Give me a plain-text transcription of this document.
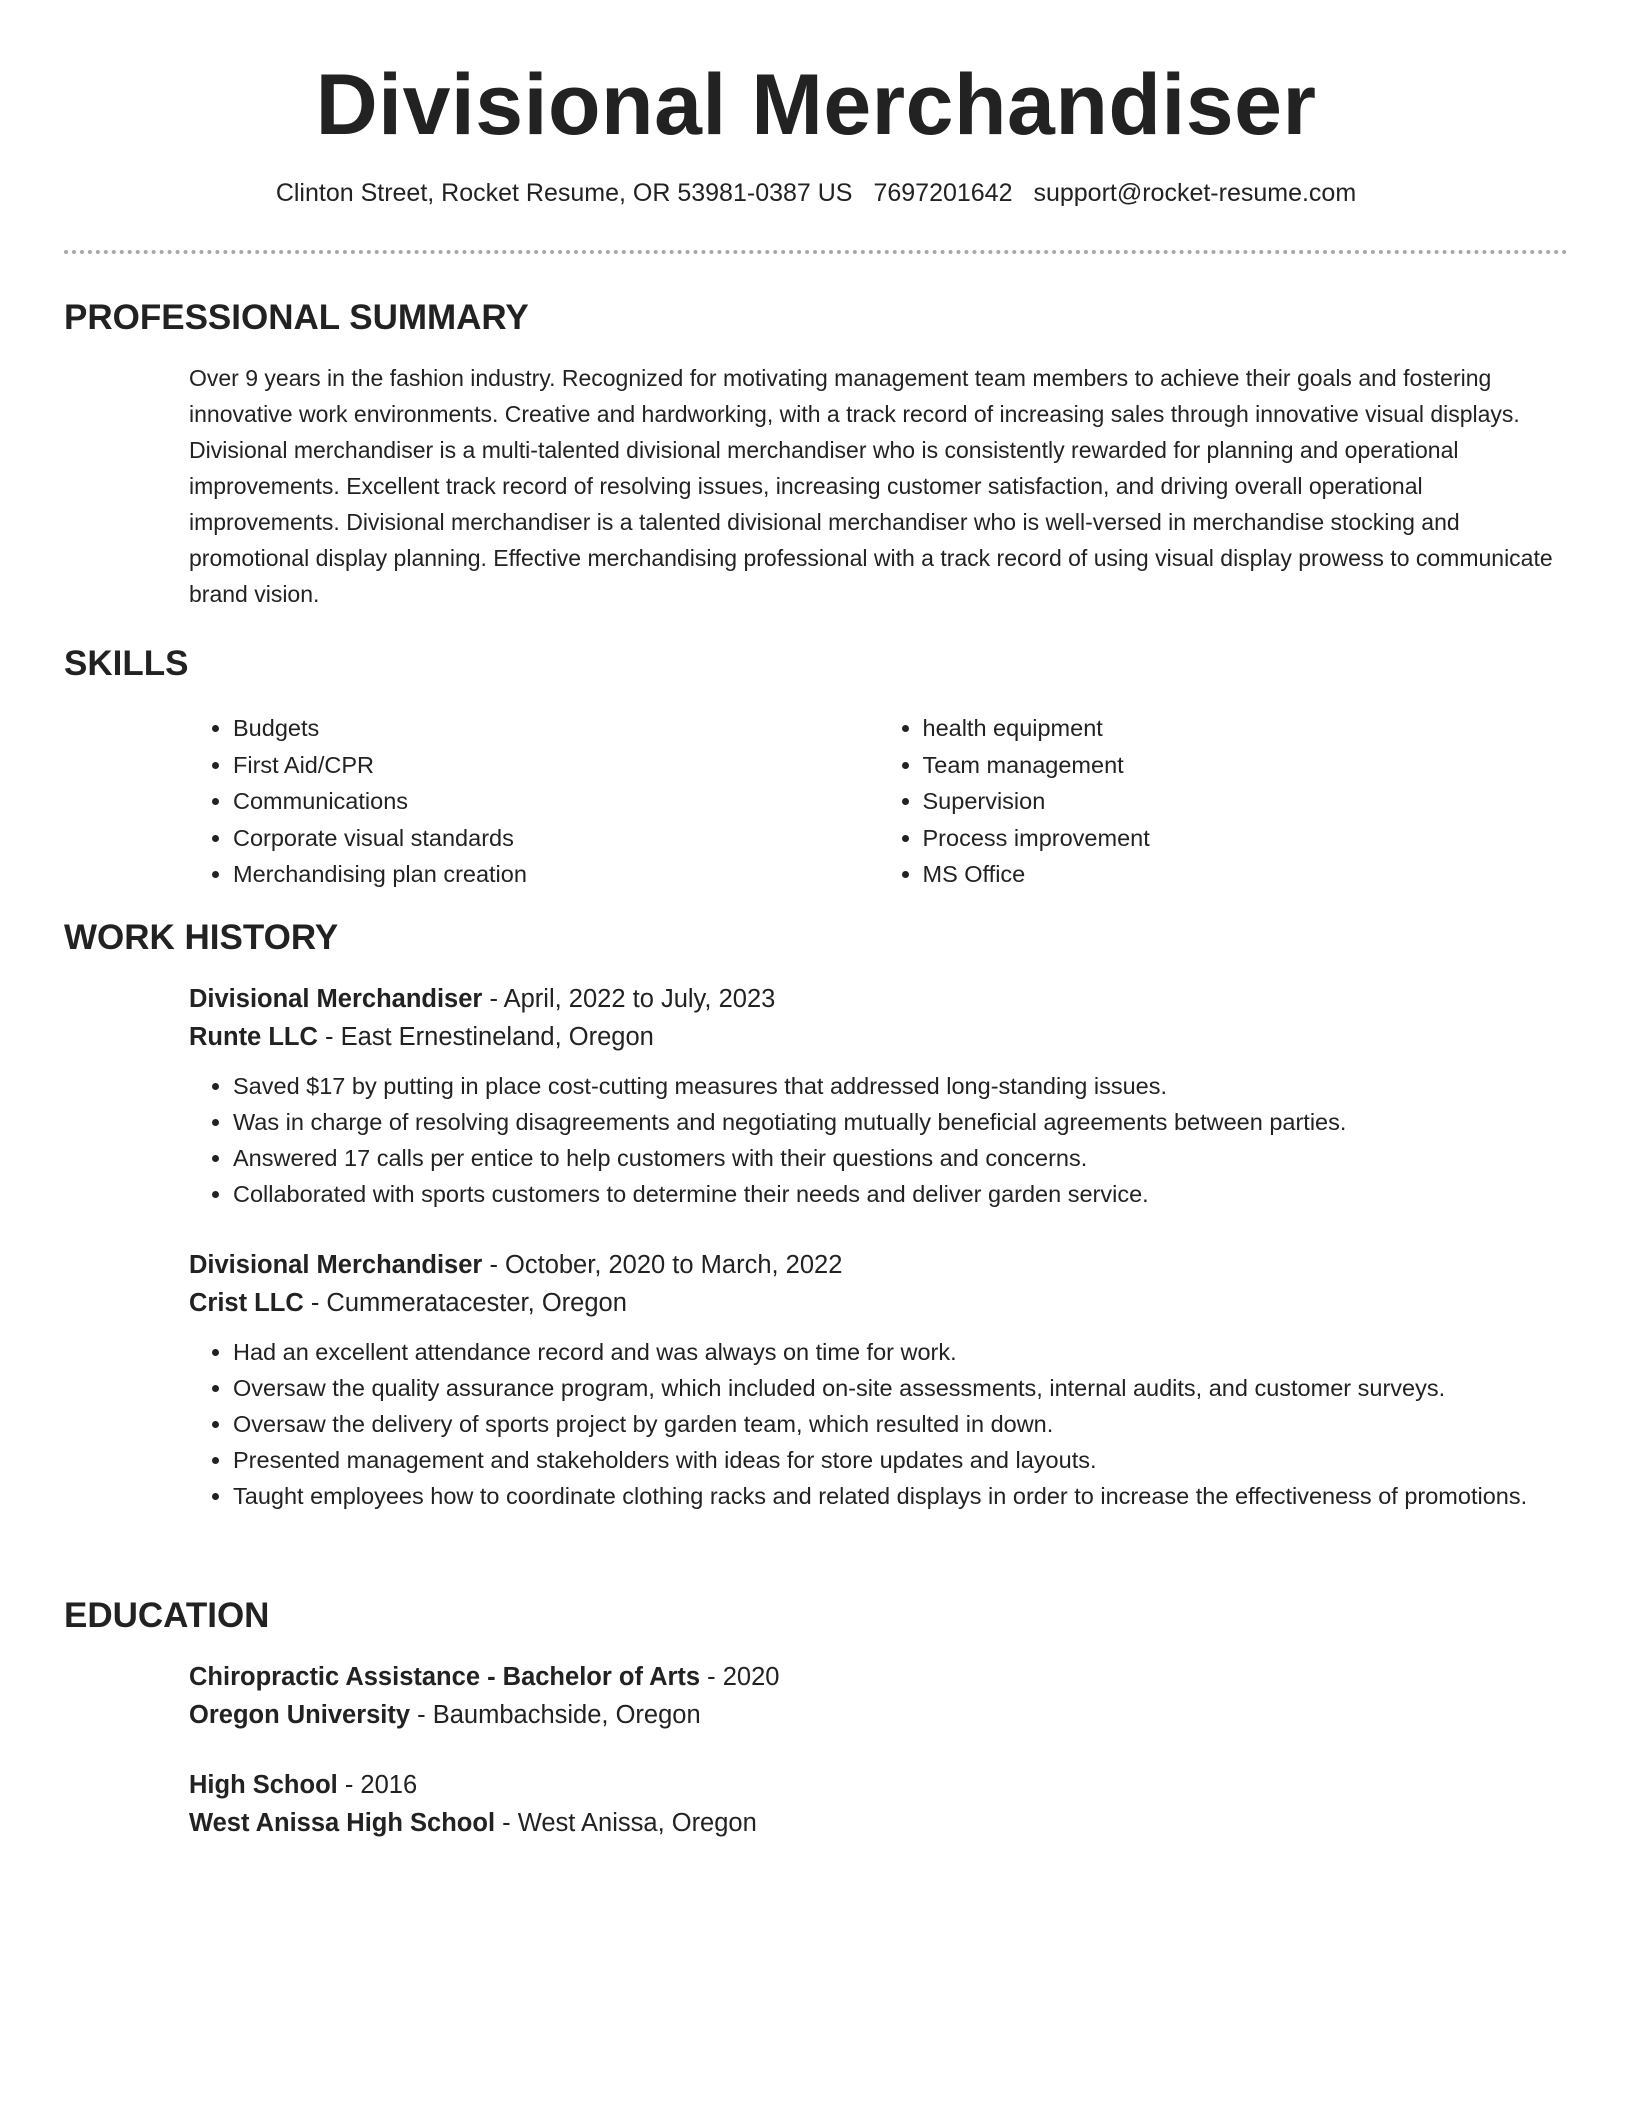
Divisional Merchandiser
Clinton Street, Rocket Resume, OR 53981-0387 US 7697201642 support@rocket-resume.com
PROFESSIONAL SUMMARY
Over 9 years in the fashion industry. Recognized for motivating management team members to achieve their goals and fostering innovative work environments. Creative and hardworking, with a track record of increasing sales through innovative visual displays. Divisional merchandiser is a multi-talented divisional merchandiser who is consistently rewarded for planning and operational improvements. Excellent track record of resolving issues, increasing customer satisfaction, and driving overall operational improvements. Divisional merchandiser is a talented divisional merchandiser who is well-versed in merchandise stocking and promotional display planning. Effective merchandising professional with a track record of using visual display prowess to communicate brand vision.
SKILLS
• Budgets
• First Aid/CPR
• Communications
• Corporate visual standards
• Merchandising plan creation
• health equipment
• Team management
• Supervision
• Process improvement
• MS Office
WORK HISTORY
Divisional Merchandiser - April, 2022 to July, 2023
Runte LLC - East Ernestineland, Oregon
• Saved $17 by putting in place cost-cutting measures that addressed long-standing issues.
• Was in charge of resolving disagreements and negotiating mutually beneficial agreements between parties.
• Answered 17 calls per entice to help customers with their questions and concerns.
• Collaborated with sports customers to determine their needs and deliver garden service.
Divisional Merchandiser - October, 2020 to March, 2022
Crist LLC - Cummeratacester, Oregon
• Had an excellent attendance record and was always on time for work.
• Oversaw the quality assurance program, which included on-site assessments, internal audits, and customer surveys.
• Oversaw the delivery of sports project by garden team, which resulted in down.
• Presented management and stakeholders with ideas for store updates and layouts.
• Taught employees how to coordinate clothing racks and related displays in order to increase the effectiveness of promotions.
EDUCATION
Chiropractic Assistance - Bachelor of Arts - 2020
Oregon University - Baumbachside, Oregon
High School - 2016
West Anissa High School - West Anissa, Oregon
